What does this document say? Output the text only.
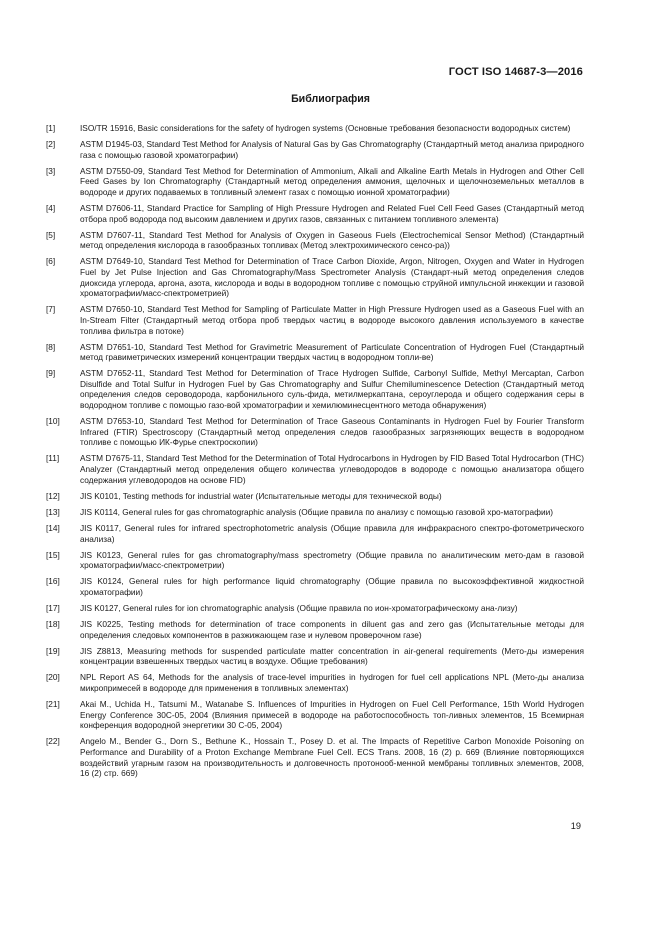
ГОСТ ISO 14687-3—2016
Библиография
[1]	ISO/TR 15916, Basic considerations for the safety of hydrogen systems (Основные требования безопасности водородных систем)
[2]	ASTM D1945-03, Standard Test Method for Analysis of Natural Gas by Gas Chromatography (Стандартный метод анализа природного газа с помощью газовой хроматографии)
[3]	ASTM D7550-09, Standard Test Method for Determination of Ammonium, Alkali and Alkaline Earth Metals in Hydrogen and Other Cell Feed Gases by Ion Chromatography (Стандартный метод определения аммония, щелочных и щелочноземельных металлов в водороде и других подаваемых в топливный элемент газах с помощью ионной хроматографии)
[4]	ASTM D7606-11, Standard Practice for Sampling of High Pressure Hydrogen and Related Fuel Cell Feed Gases (Стандартный метод отбора проб водорода под высоким давлением и других газов, связанных с питанием топливного элемента)
[5]	ASTM D7607-11, Standard Test Method for Analysis of Oxygen in Gaseous Fuels (Electrochemical Sensor Method) (Стандартный метод определения кислорода в газообразных топливах (Метод электрохимического сенсо-ра))
[6]	ASTM D7649-10, Standard Test Method for Determination of Trace Carbon Dioxide, Argon, Nitrogen, Oxygen and Water in Hydrogen Fuel by Jet Pulse Injection and Gas Chromatography/Mass Spectrometer Analysis (Стандарт-ный метод определения следов диоксида углерода, аргона, азота, кислорода и воды в водородном топливе с помощью струйной импульсной инжекции и газовой хроматографии/масс-спектрометрией)
[7]	ASTM D7650-10, Standard Test Method for Sampling of Particulate Matter in High Pressure Hydrogen used as a Gaseous Fuel with an In-Stream Filter (Стандартный метод отбора проб твердых частиц в водороде высокого давления используемого в качестве топлива фильтра в потоке)
[8]	ASTM D7651-10, Standard Test Method for Gravimetric Measurement of Particulate Concentration of Hydrogen Fuel (Стандартный метод гравиметрических измерений концентрации твердых частиц в водородном топли-ве)
[9]	ASTM D7652-11, Standard Test Method for Determination of Trace Hydrogen Sulfide, Carbonyl Sulfide, Methyl Mercaptan, Carbon Disulfide and Total Sulfur in Hydrogen Fuel by Gas Chromatography and Sulfur Chemiluminescence Detection (Стандартный метод определения следов сероводорода, карбонильного суль-фида, метилмеркаптана, сероуглерода и общего содержания серы в водородном топливе с помощью газо-вой хроматографии и хемилюминесцентного метода обнаружения)
[10]	ASTM D7653-10, Standard Test Method for Determination of Trace Gaseous Contaminants in Hydrogen Fuel by Fourier Transform Infrared (FTIR) Spectroscopy (Стандартный метод определения следов газообразных загрязняющих веществ в водородном топливе с помощью ИК-Фурье спектроскопии)
[11]	ASTM D7675-11, Standard Test Method for the Determination of Total Hydrocarbons in Hydrogen by FID Based Total Hydrocarbon (THC) Analyzer (Стандартный метод определения общего количества углеводородов в водороде с помощью анализатора общего содержания углеводородов на основе FID)
[12]	JIS K0101, Testing methods for industrial water (Испытательные методы для технической воды)
[13]	JIS K0114, General rules for gas chromatographic analysis (Общие правила по анализу с помощью газовой хро-матографии)
[14]	JIS K0117, General rules for infrared spectrophotometric analysis (Общие правила для инфракрасного спектро-фотометрического анализа)
[15]	JIS K0123, General rules for gas chromatography/mass spectrometry (Общие правила по аналитическим мето-дам в газовой хроматографии/масс-спектрометрии)
[16]	JIS K0124, General rules for high performance liquid chromatography (Общие правила по высокоэффективной жидкостной хроматографии)
[17]	JIS K0127, General rules for ion chromatographic analysis (Общие правила по ион-хроматографическому ана-лизу)
[18]	JIS K0225, Testing methods for determination of trace components in diluent gas and zero gas (Испытательные методы для определения следовых компонентов в разжижающем газе и нулевом проверочном газе)
[19]	JIS Z8813, Measuring methods for suspended particulate matter concentration in air-general requirements (Мето-ды измерения концентрации взвешенных твердых частиц в воздухе. Общие требования)
[20]	NPL Report AS 64, Methods for the analysis of trace-level impurities in hydrogen for fuel cell applications NPL (Мето-ды анализа микропримесей в водороде для применения в топливных элементах)
[21]	Akai M., Uchida H., Tatsumi M., Watanabe S. Influences of Impurities in Hydrogen on Fuel Cell Performance, 15th World Hydrogen Energy Conference 30C-05, 2004 (Влияния примесей в водороде на работоспособность топ-ливных элементов, 15 Всемирная конференция водородной энергетики 30 С-05, 2004)
[22]	Angelo M., Bender G., Dorn S., Bethune K., Hossain T., Posey D. et al. The Impacts of Repetitive Carbon Monoxide Poisoning on Performance and Durability of a Proton Exchange Membrane Fuel Cell. ECS Trans. 2008, 16 (2) p. 669 (Влияние повторяющихся воздействий угарным газом на производительность и долговечность протонооб-менной мембраны топливных элементов, 2008, 16 (2) стр. 669)
19
